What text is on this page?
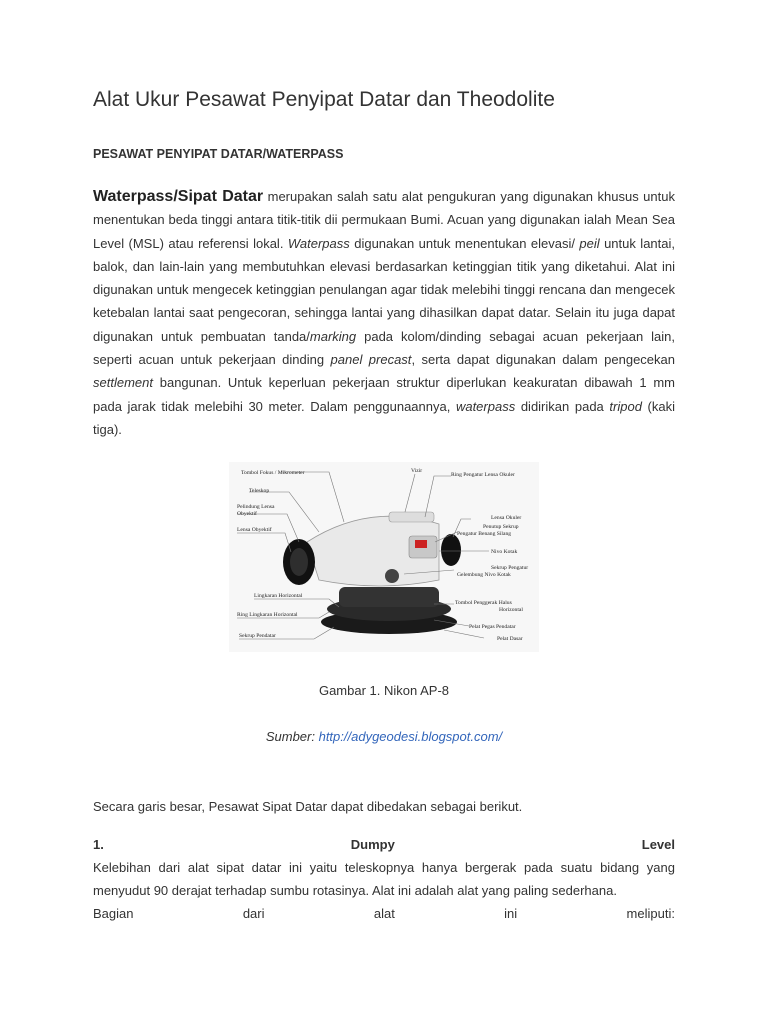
Alat Ukur Pesawat Penyipat Datar dan Theodolite
PESAWAT PENYIPAT DATAR/WATERPASS
Waterpass/Sipat Datar merupakan salah satu alat pengukuran yang digunakan khusus untuk menentukan beda tinggi antara titik-titik dii permukaan Bumi. Acuan yang digunakan ialah Mean Sea Level (MSL) atau referensi lokal. Waterpass digunakan untuk menentukan elevasi/ peil untuk lantai, balok, dan lain-lain yang membutuhkan elevasi berdasarkan ketinggian titik yang diketahui. Alat ini digunakan untuk mengecek ketinggian penulangan agar tidak melebihi tinggi rencana dan mengecek ketebalan lantai saat pengecoran, sehingga lantai yang dihasilkan dapat datar. Selain itu juga dapat digunakan untuk pembuatan tanda/marking pada kolom/dinding sebagai acuan pekerjaan lain, seperti acuan untuk pekerjaan dinding panel precast, serta dapat digunakan dalam pengecekan settlement bangunan. Untuk keperluan pekerjaan struktur diperlukan keakuratan dibawah 1 mm pada jarak tidak melebihi 30 meter. Dalam penggunaannya, waterpass didirikan pada tripod (kaki tiga).
Tombol Fokus / Mikrometer
Teleskop
Pelindung Lensa
Obyektif
Lensa Obyektif
Lingkaran Horizontal
Ring Lingkaran Horizontal
Sekrup Pendatar
Vizir
Ring Pengatur Lensa Okuler
Lensa Okuler
Penutup Sekrup
Pengatur Benang Silang
Nivo Kotak
Sekrup Pengatur
Gelembung Nivo Kotak
Tombol Penggerak Halus
Horizontal
Pelat Pegas Pendatar
Pelat Dasar
Gambar 1. Nikon AP-8
Sumber: http://adygeodesi.blogspot.com/
Secara garis besar, Pesawat Sipat Datar dapat dibedakan sebagai berikut.
1.	Dumpy	Level
Kelebihan dari alat sipat datar ini yaitu teleskopnya hanya bergerak pada suatu bidang yang menyudut 90 derajat terhadap sumbu rotasinya. Alat ini adalah alat yang paling sederhana.
Bagian	dari	alat	ini	meliputi:
